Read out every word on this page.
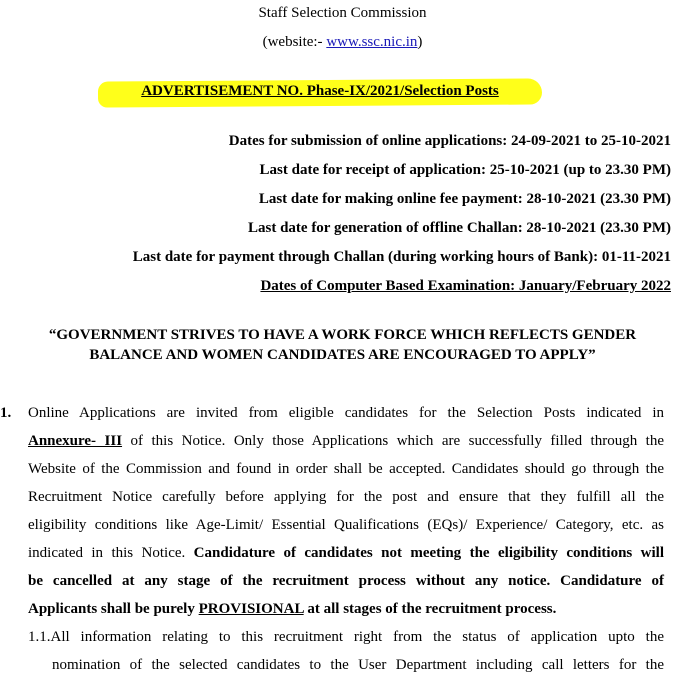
Staff Selection Commission
(website:- www.ssc.nic.in)
ADVERTISEMENT NO. Phase-IX/2021/Selection Posts
Dates for submission of online applications: 24-09-2021 to 25-10-2021
Last date for receipt of application: 25-10-2021 (up to 23.30 PM)
Last date for making online fee payment: 28-10-2021 (23.30 PM)
Last date for generation of offline Challan: 28-10-2021 (23.30 PM)
Last date for payment through Challan (during working hours of Bank): 01-11-2021
Dates of Computer Based Examination: January/February 2022
“GOVERNMENT STRIVES TO HAVE A WORK FORCE WHICH REFLECTS GENDER
BALANCE AND WOMEN CANDIDATES ARE ENCOURAGED TO APPLY”
1. Online Applications are invited from eligible candidates for the Selection Posts indicated in
Annexure- III of this Notice. Only those Applications which are successfully filled through the
Website of the Commission and found in order shall be accepted. Candidates should go through the
Recruitment Notice carefully before applying for the post and ensure that they fulfill all the
eligibility conditions like Age-Limit/ Essential Qualifications (EQs)/ Experience/ Category, etc. as
indicated in this Notice. Candidature of candidates not meeting the eligibility conditions will
be cancelled at any stage of the recruitment process without any notice. Candidature of
Applicants shall be purely PROVISIONAL at all stages of the recruitment process.
1.1.All information relating to this recruitment right from the status of application upto the
nomination of the selected candidates to the User Department including call letters for the
